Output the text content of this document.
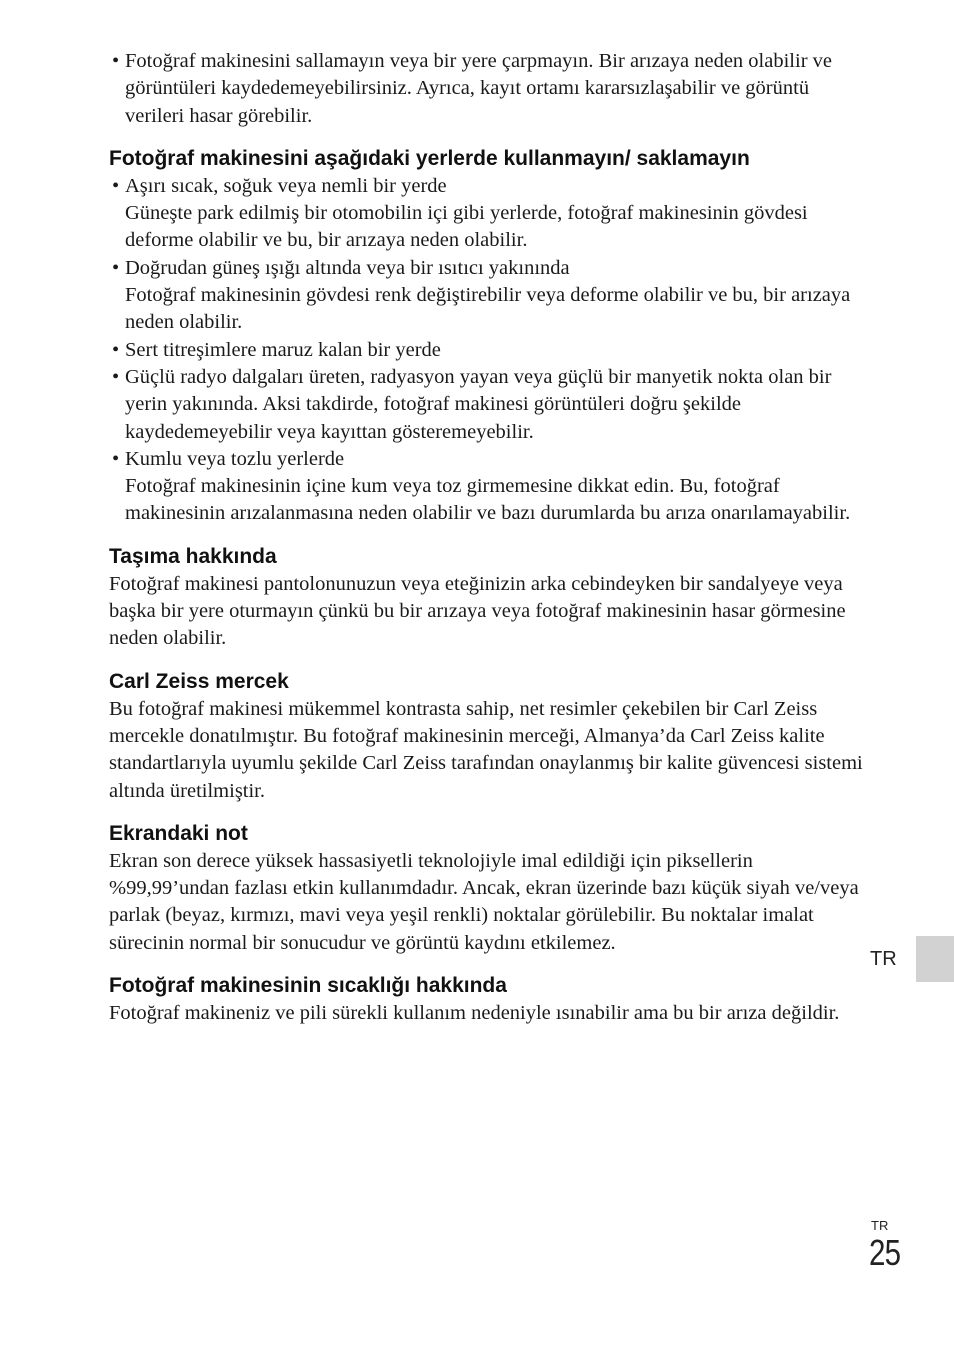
• Fotoğraf makinesini sallamayın veya bir yere çarpmayın. Bir arızaya neden olabilir ve görüntüleri kaydedemeyebilirsiniz. Ayrıca, kayıt ortamı kararsızlaşabilir ve görüntü verileri hasar görebilir.
Fotoğraf makinesini aşağıdaki yerlerde kullanmayın/ saklamayın
• Aşırı sıcak, soğuk veya nemli bir yerde
Güneşte park edilmiş bir otomobilin içi gibi yerlerde, fotoğraf makinesinin gövdesi deforme olabilir ve bu, bir arızaya neden olabilir.
• Doğrudan güneş ışığı altında veya bir ısıtıcı yakınında
Fotoğraf makinesinin gövdesi renk değiştirebilir veya deforme olabilir ve bu, bir arızaya neden olabilir.
• Sert titreşimlere maruz kalan bir yerde
• Güçlü radyo dalgaları üreten, radyasyon yayan veya güçlü bir manyetik nokta olan bir yerin yakınında. Aksi takdirde, fotoğraf makinesi görüntüleri doğru şekilde kaydedemeyebilir veya kayıttan gösteremeyebilir.
• Kumlu veya tozlu yerlerde
Fotoğraf makinesinin içine kum veya toz girmemesine dikkat edin. Bu, fotoğraf makinesinin arızalanmasına neden olabilir ve bazı durumlarda bu arıza onarılamayabilir.
Taşıma hakkında

Fotoğraf makinesi pantolonunuzun veya eteğinizin arka cebindeyken bir sandalyeye veya başka bir yere oturmayın çünkü bu bir arızaya veya fotoğraf makinesinin hasar görmesine neden olabilir.

Carl Zeiss mercek

Bu fotoğraf makinesi mükemmel kontrasta sahip, net resimler çekebilen bir Carl Zeiss mercekle donatılmıştır. Bu fotoğraf makinesinin merceği, Almanya’da Carl Zeiss kalite standartlarıyla uyumlu şekilde Carl Zeiss tarafından onaylanmış bir kalite güvencesi sistemi altında üretilmiştir.

Ekrandaki not

Ekran son derece yüksek hassasiyetli teknolojiyle imal edildiği için piksellerin %99,99’undan fazlası etkin kullanımdadır. Ancak, ekran üzerinde bazı küçük siyah ve/veya parlak (beyaz, kırmızı, mavi veya yeşil renkli) noktalar görülebilir. Bu noktalar imalat sürecinin normal bir sonucudur ve görüntü kaydını etkilemez.

Fotoğraf makinesinin sıcaklığı hakkında

Fotoğraf makineniz ve pili sürekli kullanım nedeniyle ısınabilir ama bu bir arıza değildir.

TR
TR
25
